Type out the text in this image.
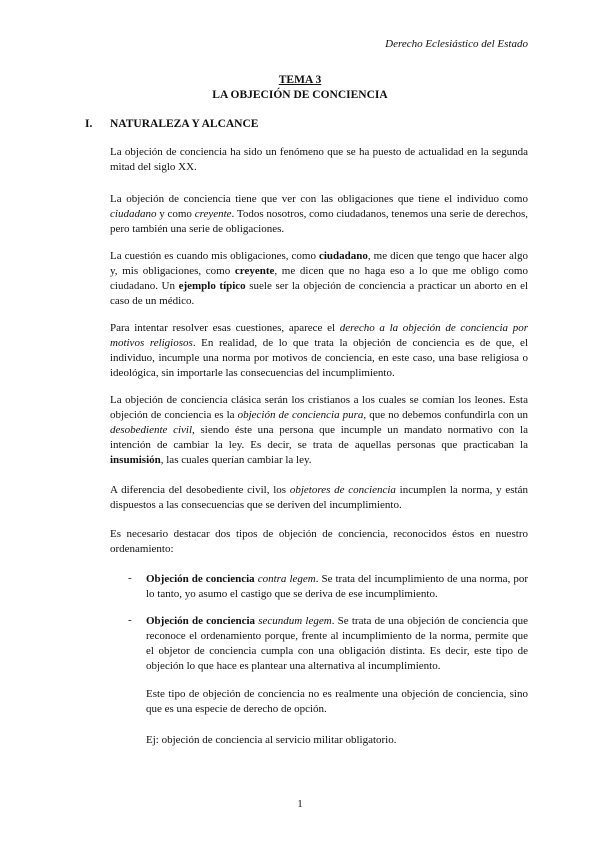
Derecho Eclesiástico del Estado
TEMA 3
LA OBJECIÓN DE CONCIENCIA
I. NATURALEZA Y ALCANCE

La objeción de conciencia ha sido un fenómeno que se ha puesto de actualidad en la segunda mitad del siglo XX.

La objeción de conciencia tiene que ver con las obligaciones que tiene el individuo como ciudadano y como creyente. Todos nosotros, como ciudadanos, tenemos una serie de derechos, pero también una serie de obligaciones.

La cuestión es cuando mis obligaciones, como ciudadano, me dicen que tengo que hacer algo y, mis obligaciones, como creyente, me dicen que no haga eso a lo que me obligo como ciudadano. Un ejemplo típico suele ser la objeción de conciencia a practicar un aborto en el caso de un médico.

Para intentar resolver esas cuestiones, aparece el derecho a la objeción de conciencia por motivos religiosos. En realidad, de lo que trata la objeción de conciencia es de que, el individuo, incumple una norma por motivos de conciencia, en este caso, una base religiosa o ideológica, sin importarle las consecuencias del incumplimiento.

La objeción de conciencia clásica serán los cristianos a los cuales se comían los leones. Esta objeción de conciencia es la objeción de conciencia pura, que no debemos confundirla con un desobediente civil, siendo éste una persona que incumple un mandato normativo con la intención de cambiar la ley. Es decir, se trata de aquellas personas que practicaban la insumisión, las cuales querían cambiar la ley.

A diferencia del desobediente civil, los objetores de conciencia incumplen la norma, y están dispuestos a las consecuencias que se deriven del incumplimiento.

Es necesario destacar dos tipos de objeción de conciencia, reconocidos éstos en nuestro ordenamiento:

- Objeción de conciencia contra legem. Se trata del incumplimiento de una norma, por lo tanto, yo asumo el castigo que se deriva de ese incumplimiento.

- Objeción de conciencia secundum legem. Se trata de una objeción de conciencia que reconoce el ordenamiento porque, frente al incumplimiento de la norma, permite que el objetor de conciencia cumpla con una obligación distinta. Es decir, este tipo de objeción lo que hace es plantear una alternativa al incumplimiento.

Este tipo de objeción de conciencia no es realmente una objeción de conciencia, sino que es una especie de derecho de opción.

Ej: objeción de conciencia al servicio militar obligatorio.

1
